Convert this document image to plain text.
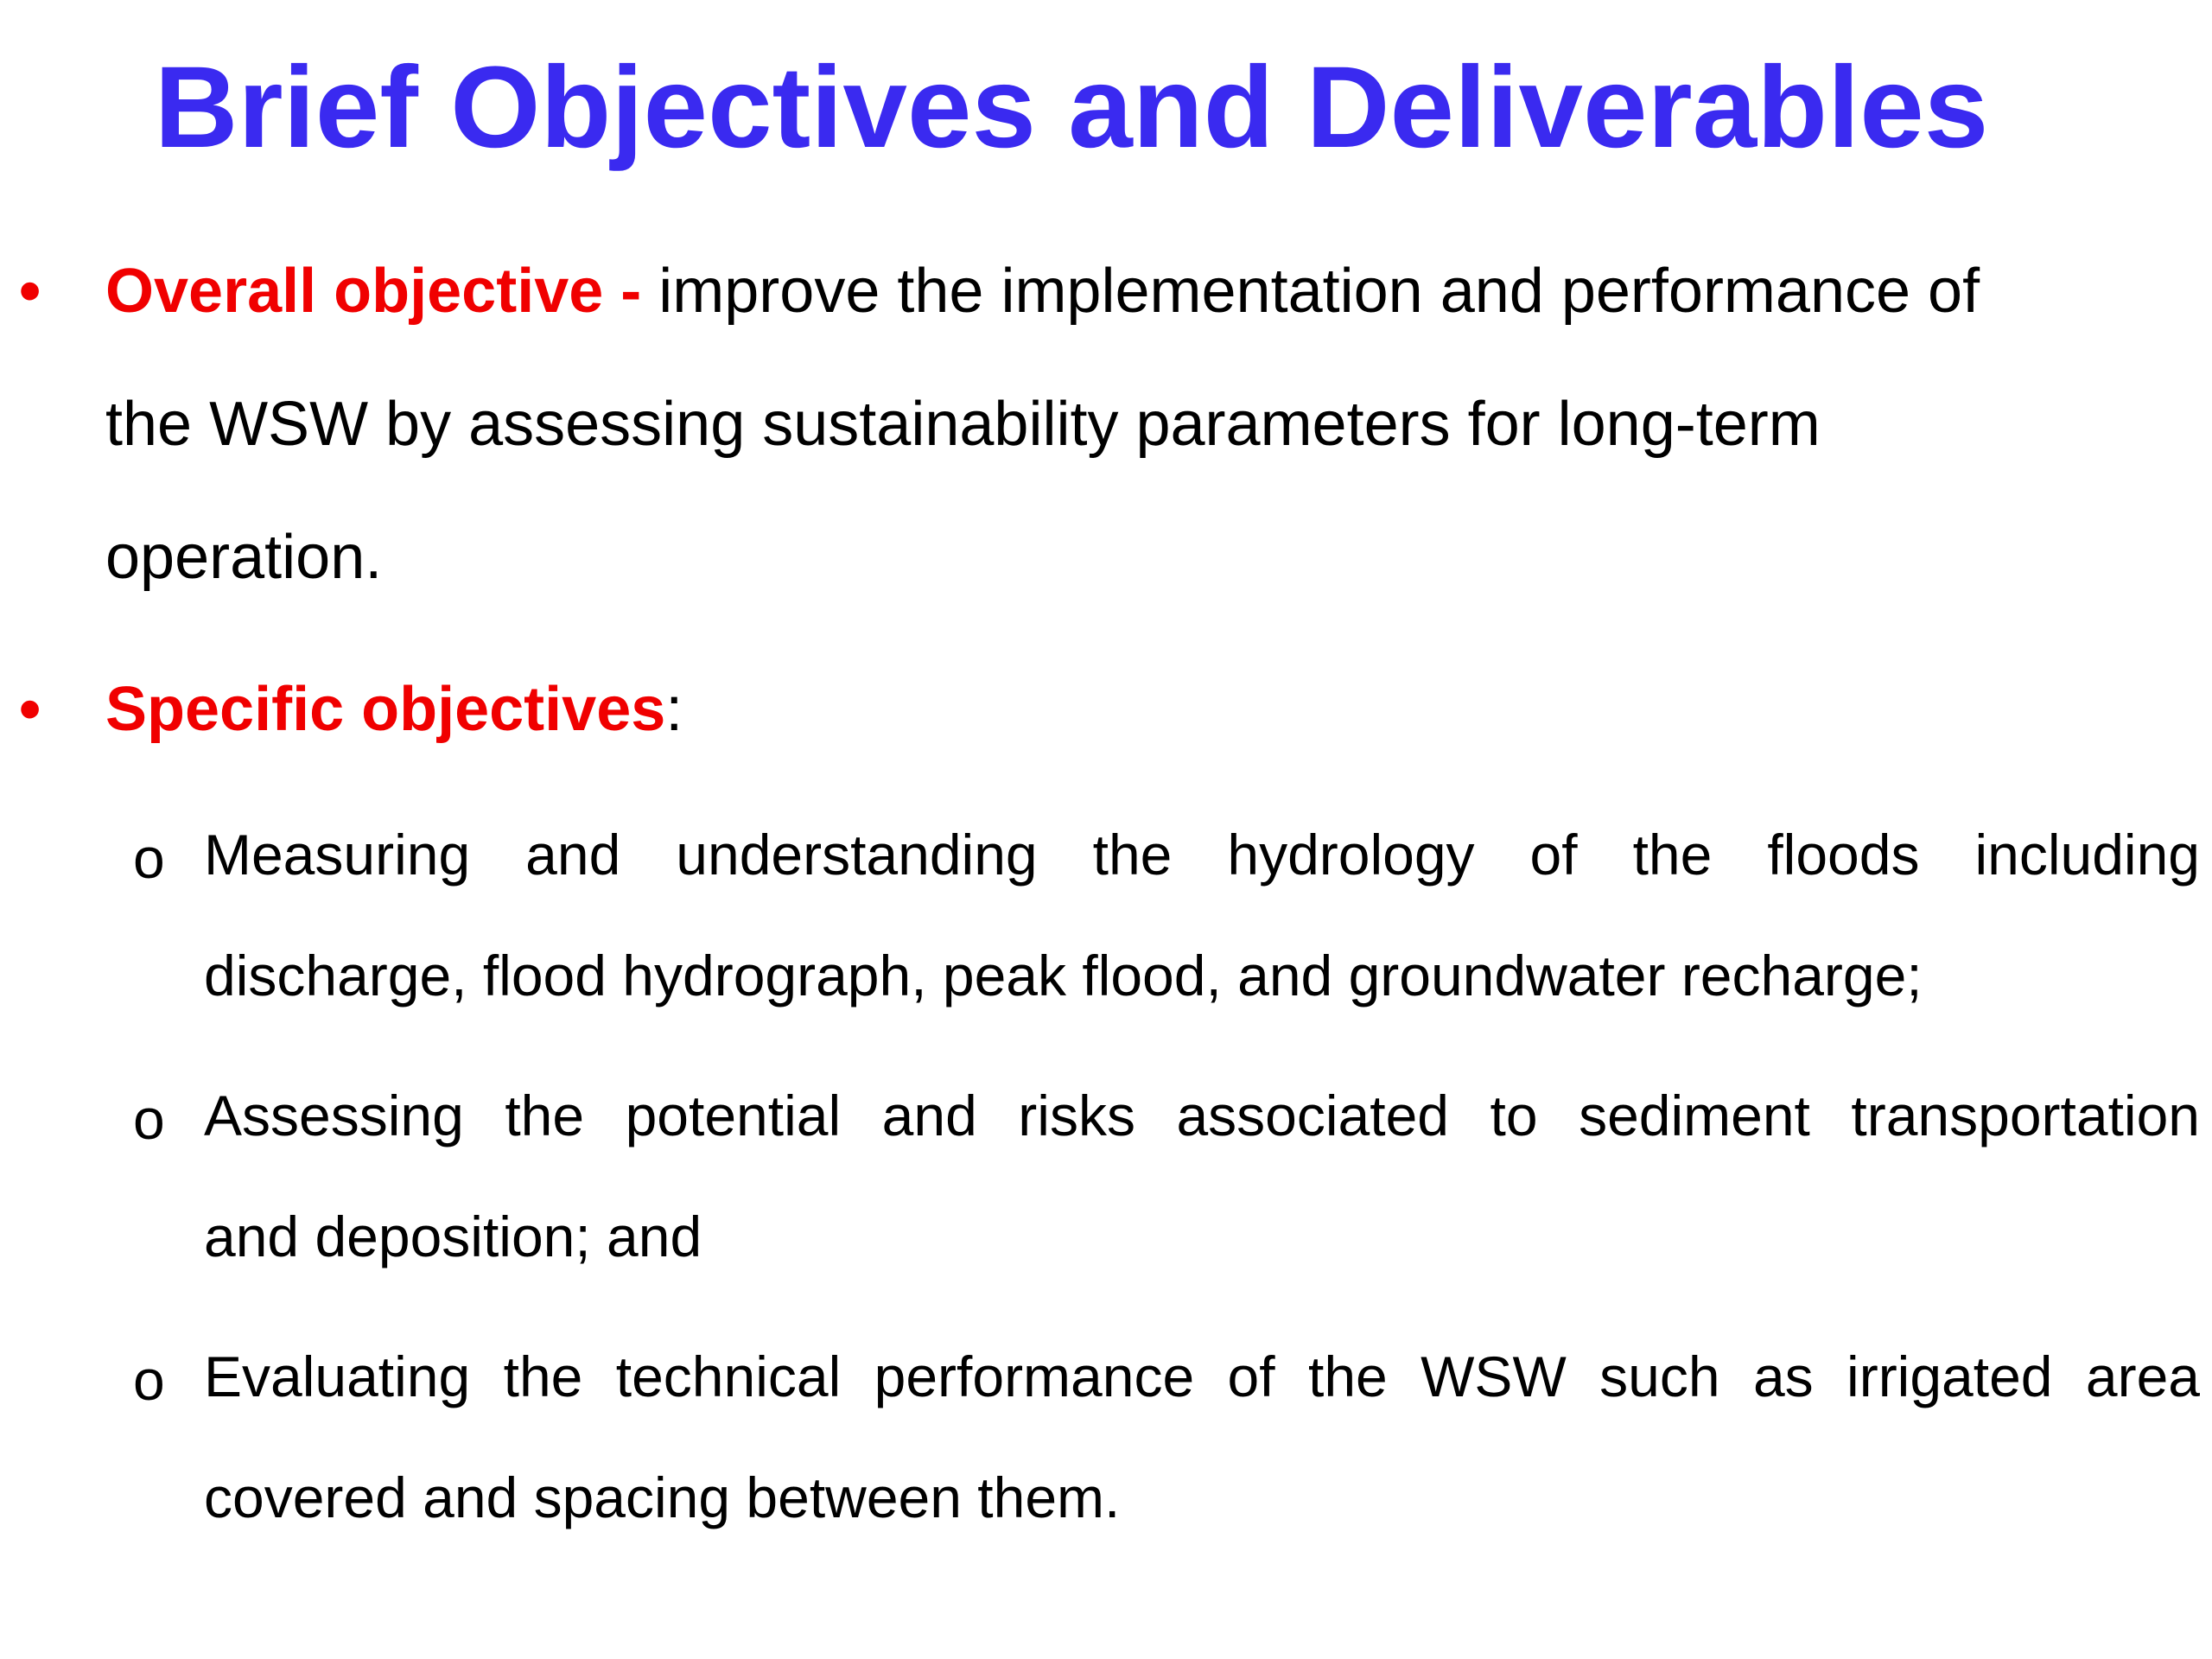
Brief Objectives and Deliverables
• Overall objective - improve the implementation and performance of
the WSW by assessing sustainability parameters for long-term
operation.
• Specific objectives:
o Measuring and understanding the hydrology of the floods including
discharge, flood hydrograph, peak flood, and groundwater recharge;
o Assessing the potential and risks associated to sediment transportation
and deposition; and
o Evaluating the technical performance of the WSW such as irrigated area
covered and spacing between them.
